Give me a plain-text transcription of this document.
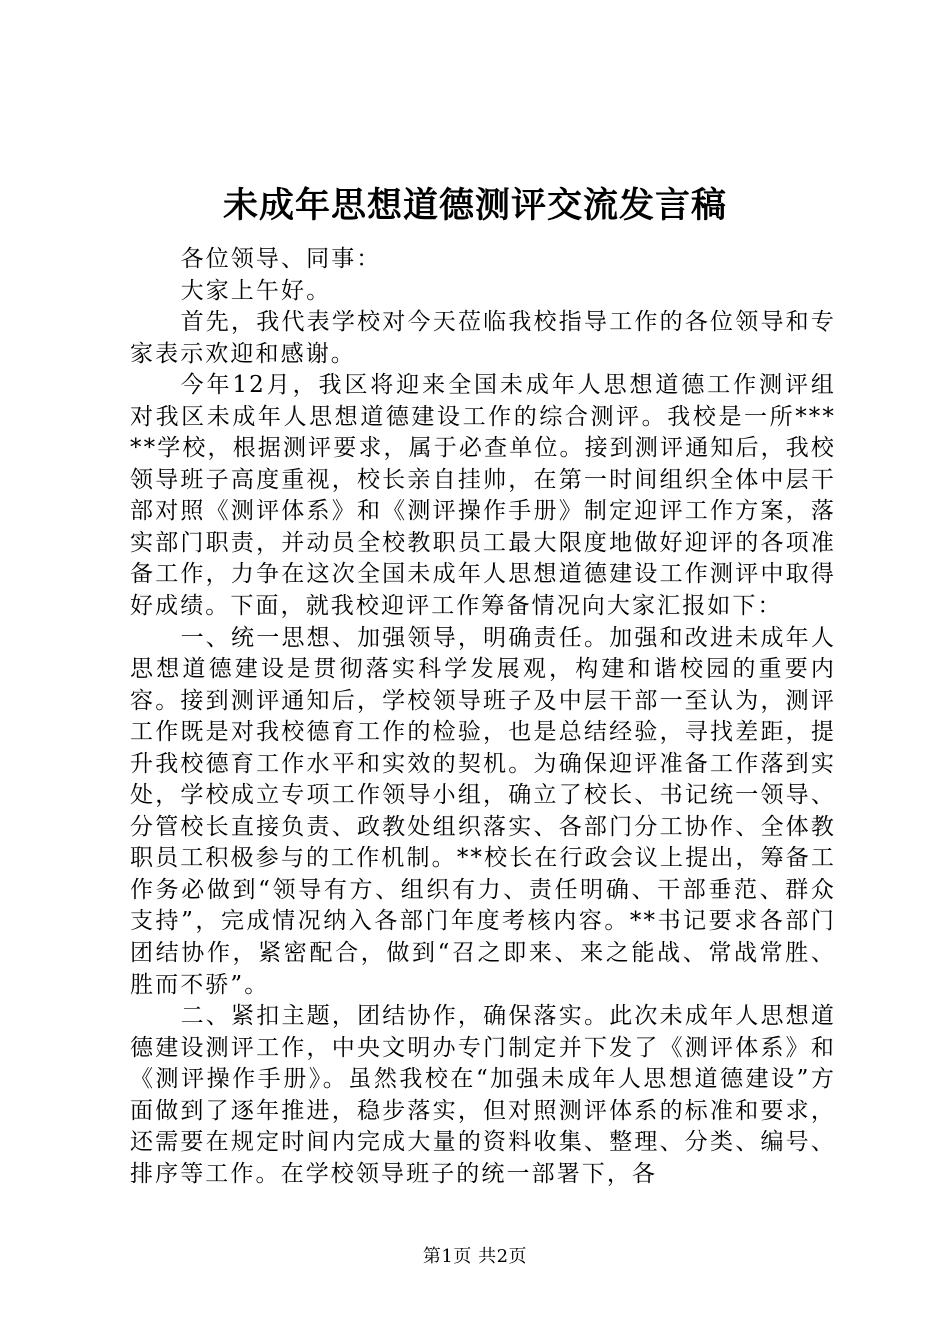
未成年思想道德测评交流发言稿

各位领导、同事：

大家上午好。

首先，我代表学校对今天莅临我校指导工作的各位领导和专家表示欢迎和感谢。

今年12月，我区将迎来全国未成年人思想道德工作测评组对我区未成年人思想道德建设工作的综合测评。我校是一所*****学校，根据测评要求，属于必查单位。接到测评通知后，我校领导班子高度重视，校长亲自挂帅，在第一时间组织全体中层干部对照《测评体系》和《测评操作手册》制定迎评工作方案，落实部门职责，并动员全校教职员工最大限度地做好迎评的各项准备工作，力争在这次全国未成年人思想道德建设工作测评中取得好成绩。下面，就我校迎评工作筹备情况向大家汇报如下：

一、统一思想、加强领导，明确责任。加强和改进未成年人思想道德建设是贯彻落实科学发展观，构建和谐校园的重要内容。接到测评通知后，学校领导班子及中层干部一至认为，测评工作既是对我校德育工作的检验，也是总结经验，寻找差距，提升我校德育工作水平和实效的契机。为确保迎评准备工作落到实处，学校成立专项工作领导小组，确立了校长、书记统一领导、分管校长直接负责、政教处组织落实、各部门分工协作、全体教职员工积极参与的工作机制。**校长在行政会议上提出，筹备工作务必做到“领导有方、组织有力、责任明确、干部垂范、群众支持”，完成情况纳入各部门年度考核内容。**书记要求各部门团结协作，紧密配合，做到“召之即来、来之能战、常战常胜、胜而不骄”。

二、紧扣主题，团结协作，确保落实。此次未成年人思想道德建设测评工作，中央文明办专门制定并下发了《测评体系》和《测评操作手册》。虽然我校在“加强未成年人思想道德建设”方面做到了逐年推进，稳步落实，但对照测评体系的标准和要求，还需要在规定时间内完成大量的资料收集、整理、分类、编号、排序等工作。在学校领导班子的统一部署下，各

第1页 共2页
